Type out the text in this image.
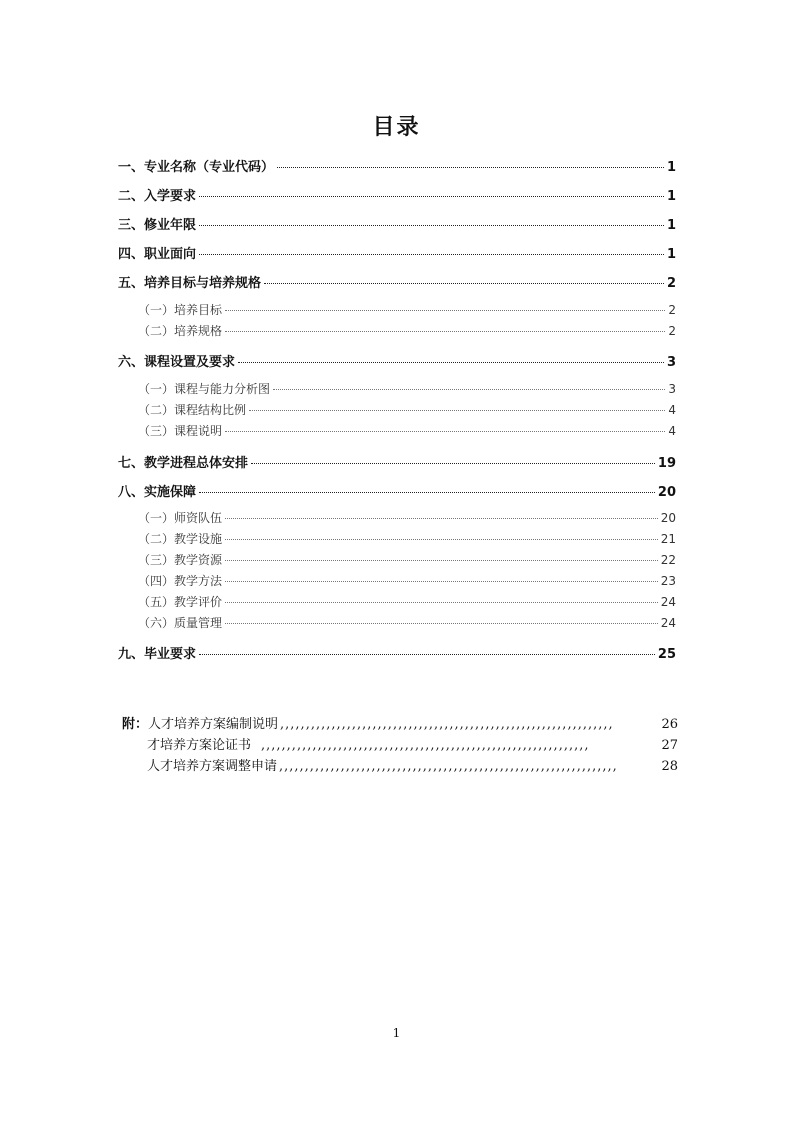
目录
一、专业名称（专业代码）	1
二、入学要求	1
三、修业年限	1
四、职业面向	1
五、培养目标与培养规格	2
（一）培养目标	2
（二）培养规格	2
六、课程设置及要求	3
（一）课程与能力分析图	3
（二）课程结构比例	4
（三）课程说明	4
七、教学进程总体安排	19
八、实施保障	20
（一）师资队伍	20
（二）教学设施	21
（三）教学资源	22
（四）教学方法	23
（五）教学评价	24
（六）质量管理	24
九、毕业要求	25
附： 人才培养方案编制说明 ,,,,,,,,,,,,,,,,,,,,,,,,,,,,,,,,,,,,,,,,,,,,,,,,,,,,,,,,,,,,,,,,,	26
才培养方案论证书 ,,,,,,,,,,,,,,,,,,,,,,,,,,,,,,,,,,,,,,,,,,,,,,,,,,,,,,,,,,,,,,,,	27
人才培养方案调整申请 ,,,,,,,,,,,,,,,,,,,,,,,,,,,,,,,,,,,,,,,,,,,,,,,,,,,,,,,,,,,,,,,,,,	28
1
